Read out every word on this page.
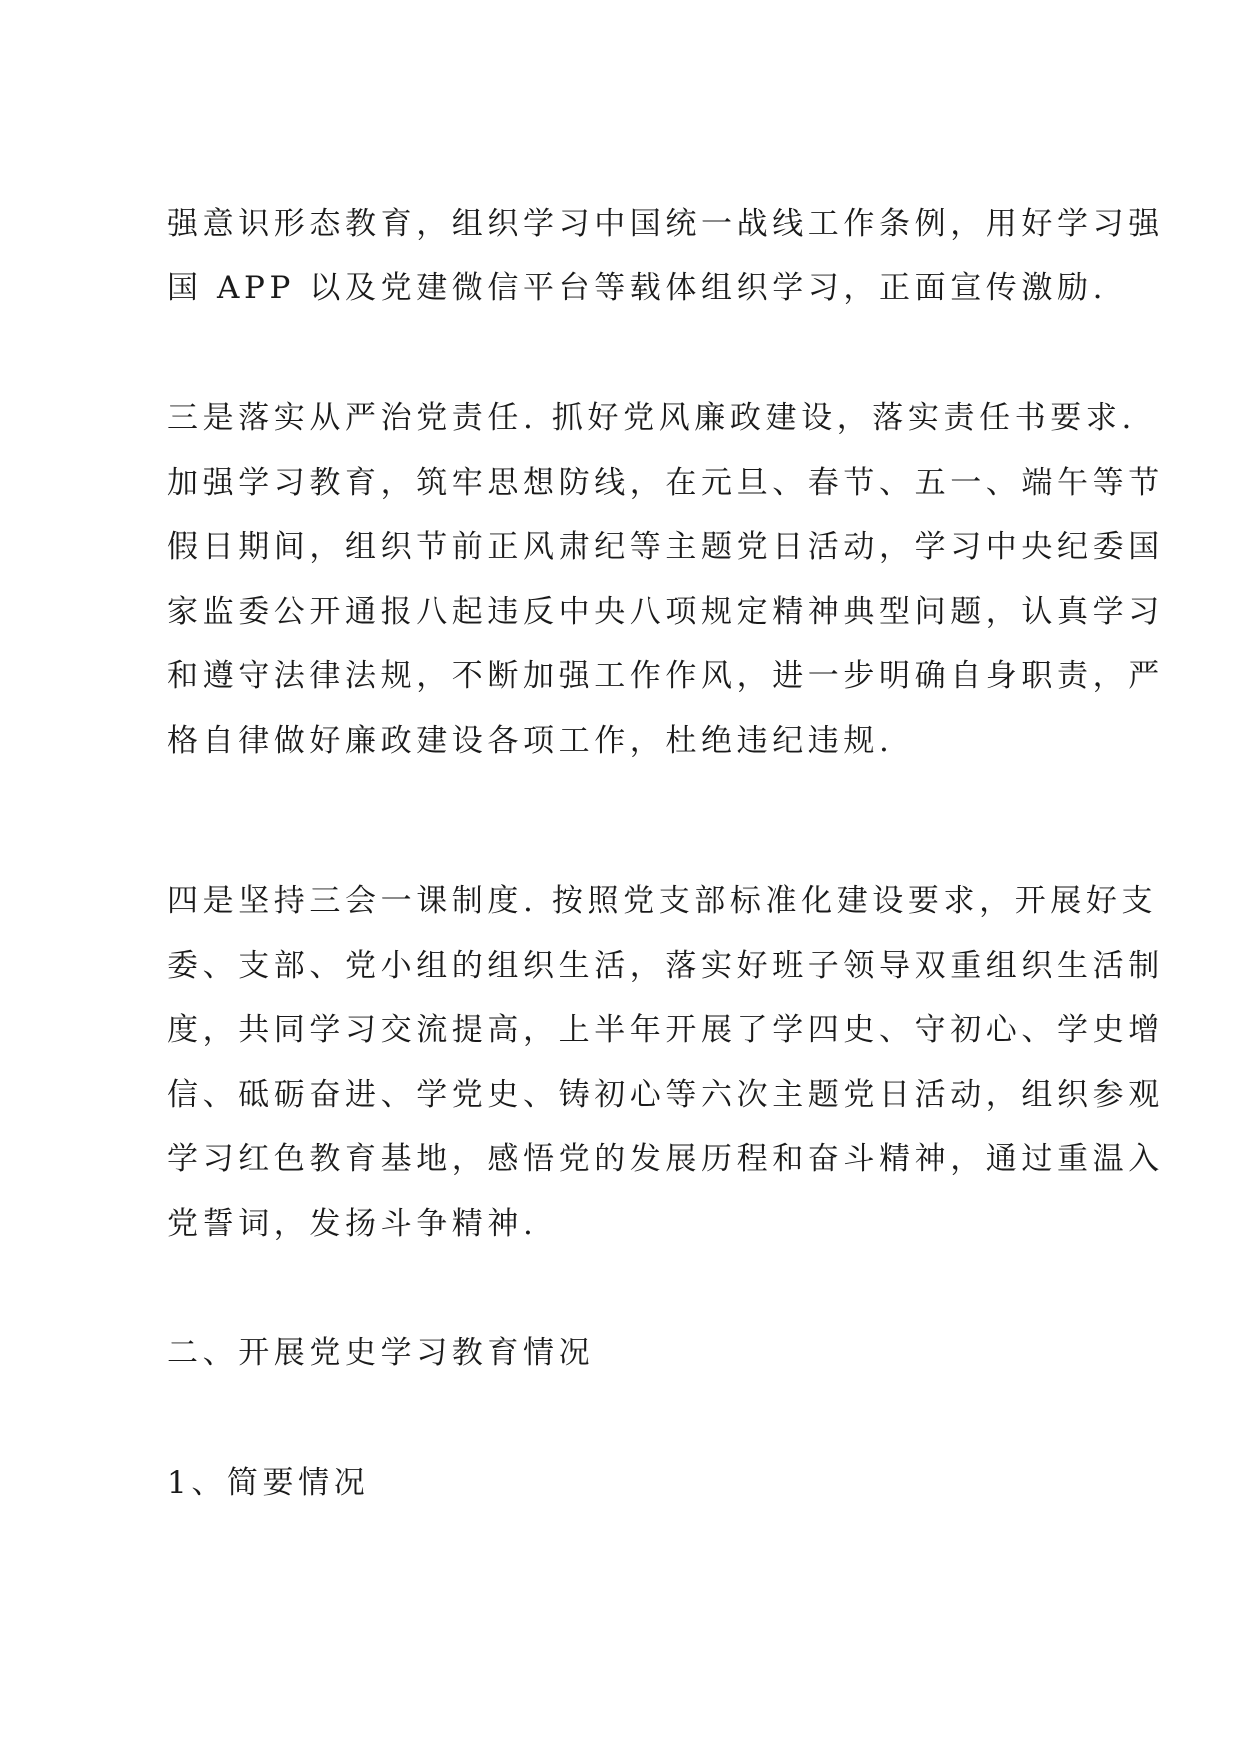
强意识形态教育，组织学习中国统一战线工作条例，用好学习强
国 APP 以及党建微信平台等载体组织学习，正面宣传激励.
三是落实从严治党责任. 抓好党风廉政建设，落实责任书要求.
加强学习教育，筑牢思想防线，在元旦、春节、五一、端午等节
假日期间，组织节前正风肃纪等主题党日活动，学习中央纪委国
家监委公开通报八起违反中央八项规定精神典型问题，认真学习
和遵守法律法规，不断加强工作作风，进一步明确自身职责，严
格自律做好廉政建设各项工作，杜绝违纪违规.
四是坚持三会一课制度. 按照党支部标准化建设要求，开展好支
委、支部、党小组的组织生活，落实好班子领导双重组织生活制
度，共同学习交流提高，上半年开展了学四史、守初心、学史增
信、砥砺奋进、学党史、铸初心等六次主题党日活动，组织参观
学习红色教育基地，感悟党的发展历程和奋斗精神，通过重温入
党誓词，发扬斗争精神.
二、开展党史学习教育情况
1、简要情况
